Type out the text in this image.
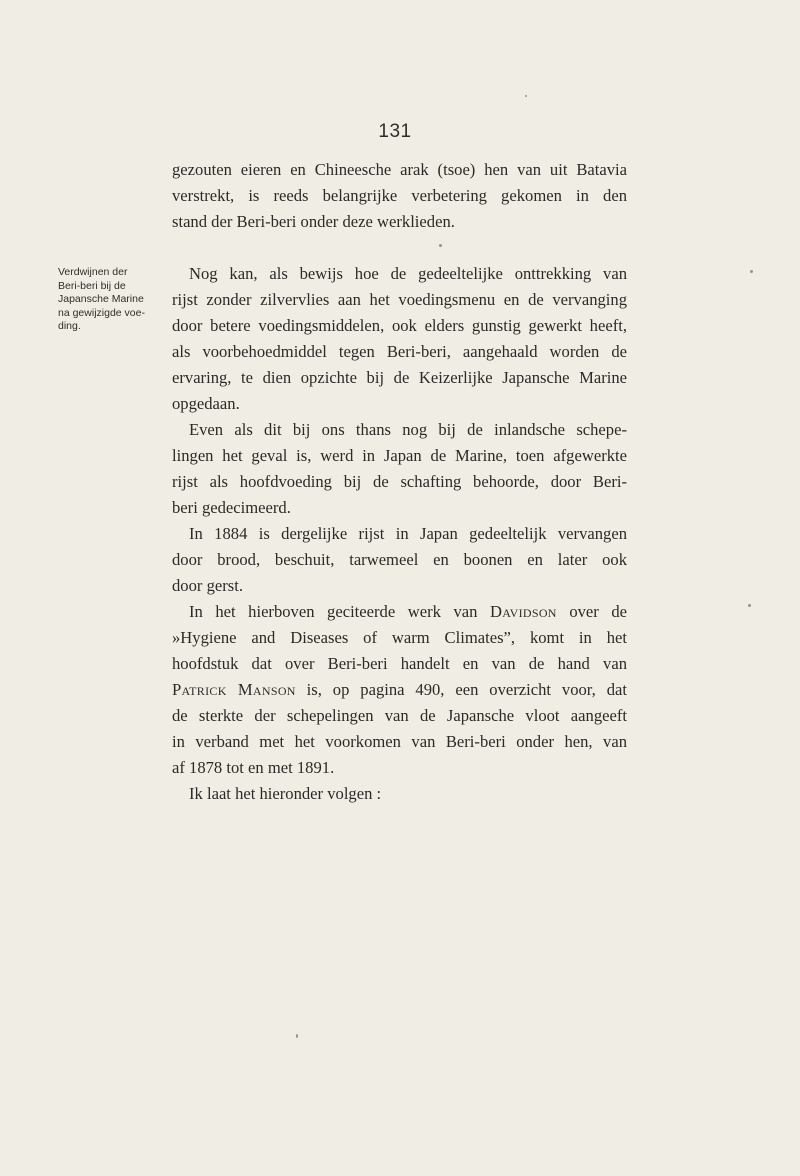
131
gezouten eieren en Chineesche arak (tsoe) hen van uit Batavia
verstrekt, is reeds belangrijke verbetering gekomen in den
stand der Beri-beri onder deze werklieden.
Verdwijnen der
Beri-beri bij de
Japansche Marine
na gewijzigde voe-
ding.
Nog kan, als bewijs hoe de gedeeltelijke onttrekking van
rijst zonder zilvervlies aan het voedingsmenu en de vervanging
door betere voedingsmiddelen, ook elders gunstig gewerkt heeft,
als voorbehoedmiddel tegen Beri-beri, aangehaald worden de
ervaring, te dien opzichte bij de Keizerlijke Japansche Marine
opgedaan.
Even als dit bij ons thans nog bij de inlandsche schepe-
lingen het geval is, werd in Japan de Marine, toen afgewerkte
rijst als hoofdvoeding bij de schafting behoorde, door Beri-
beri gedecimeerd.
In 1884 is dergelijke rijst in Japan gedeeltelijk vervangen
door brood, beschuit, tarwemeel en boonen en later ook
door gerst.
In het hierboven geciteerde werk van Davidson over de
»Hygiene and Diseases of warm Climates”, komt in het
hoofdstuk dat over Beri-beri handelt en van de hand van
Patrick Manson is, op pagina 490, een overzicht voor, dat
de sterkte der schepelingen van de Japansche vloot aangeeft
in verband met het voorkomen van Beri-beri onder hen, van
af 1878 tot en met 1891.
Ik laat het hieronder volgen :
